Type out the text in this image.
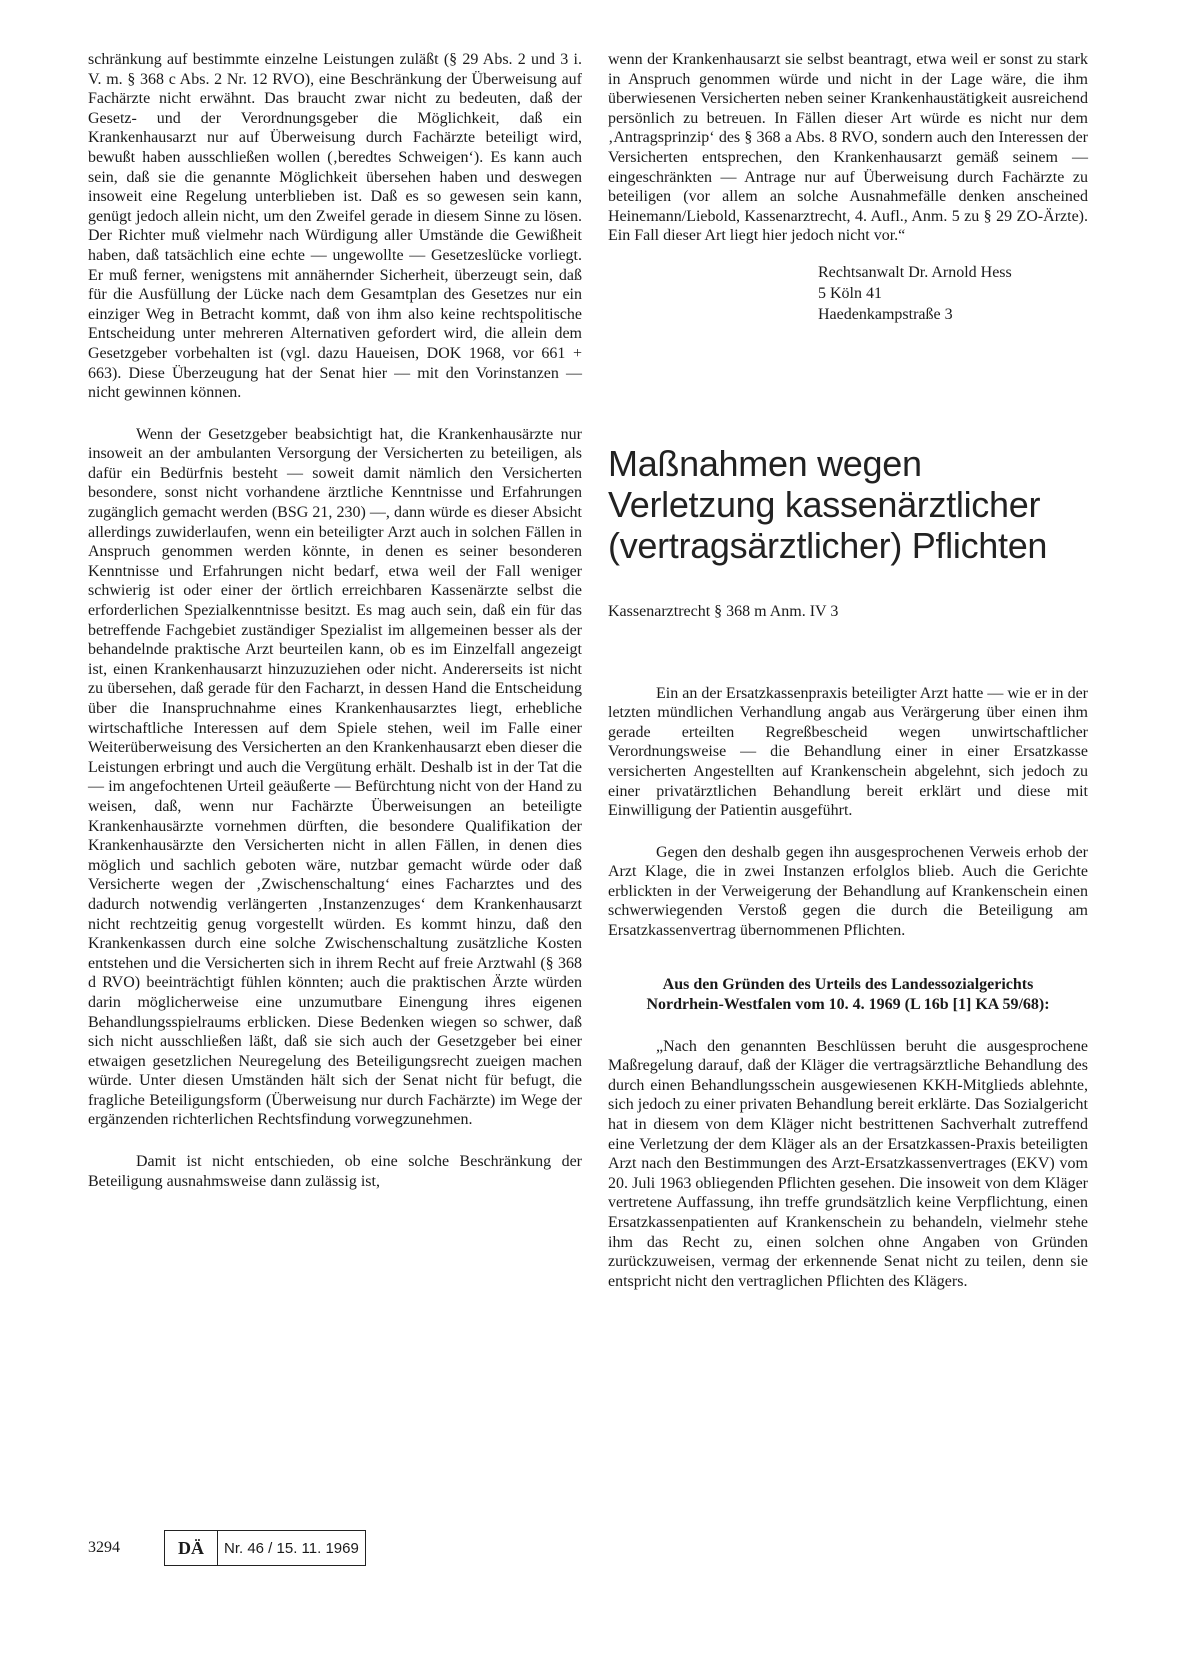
schränkung auf bestimmte einzelne Leistungen zuläßt (§ 29 Abs. 2 und 3 i. V. m. § 368 c Abs. 2 Nr. 12 RVO), eine Beschränkung der Überweisung auf Fachärzte nicht erwähnt. Das braucht zwar nicht zu bedeuten, daß der Gesetz- und der Verordnungsgeber die Möglichkeit, daß ein Krankenhausarzt nur auf Überweisung durch Fachärzte beteiligt wird, bewußt haben ausschließen wollen (‚beredtes Schweigen‘). Es kann auch sein, daß sie die genannte Möglichkeit übersehen haben und deswegen insoweit eine Regelung unterblieben ist. Daß es so gewesen sein kann, genügt jedoch allein nicht, um den Zweifel gerade in diesem Sinne zu lösen. Der Richter muß vielmehr nach Würdigung aller Umstände die Gewißheit haben, daß tatsächlich eine echte — ungewollte — Gesetzeslücke vorliegt. Er muß ferner, wenigstens mit annähernder Sicherheit, überzeugt sein, daß für die Ausfüllung der Lücke nach dem Gesamtplan des Gesetzes nur ein einziger Weg in Betracht kommt, daß von ihm also keine rechtspolitische Entscheidung unter mehreren Alternativen gefordert wird, die allein dem Gesetzgeber vorbehalten ist (vgl. dazu Haueisen, DOK 1968, vor 661 + 663). Diese Überzeugung hat der Senat hier — mit den Vorinstanzen — nicht gewinnen können.

Wenn der Gesetzgeber beabsichtigt hat, die Krankenhausärzte nur insoweit an der ambulanten Versorgung der Versicherten zu beteiligen, als dafür ein Bedürfnis besteht — soweit damit nämlich den Versicherten besondere, sonst nicht vorhandene ärztliche Kenntnisse und Erfahrungen zugänglich gemacht werden (BSG 21, 230) —, dann würde es dieser Absicht allerdings zuwiderlaufen, wenn ein beteiligter Arzt auch in solchen Fällen in Anspruch genommen werden könnte, in denen es seiner besonderen Kenntnisse und Erfahrungen nicht bedarf, etwa weil der Fall weniger schwierig ist oder einer der örtlich erreichbaren Kassenärzte selbst die erforderlichen Spezialkenntnisse besitzt. Es mag auch sein, daß ein für das betreffende Fachgebiet zuständiger Spezialist im allgemeinen besser als der behandelnde praktische Arzt beurteilen kann, ob es im Einzelfall angezeigt ist, einen Krankenhausarzt hinzuzuziehen oder nicht. Andererseits ist nicht zu übersehen, daß gerade für den Facharzt, in dessen Hand die Entscheidung über die Inanspruchnahme eines Krankenhausarztes liegt, erhebliche wirtschaftliche Interessen auf dem Spiele stehen, weil im Falle einer Weiterüberweisung des Versicherten an den Krankenhausarzt eben dieser die Leistungen erbringt und auch die Vergütung erhält. Deshalb ist in der Tat die — im angefochtenen Urteil geäußerte — Befürchtung nicht von der Hand zu weisen, daß, wenn nur Fachärzte Überweisungen an beteiligte Krankenhausärzte vornehmen dürften, die besondere Qualifikation der Krankenhausärzte den Versicherten nicht in allen Fällen, in denen dies möglich und sachlich geboten wäre, nutzbar gemacht würde oder daß Versicherte wegen der ‚Zwischenschaltung‘ eines Facharztes und des dadurch notwendig verlängerten ‚Instanzenzuges‘ dem Krankenhausarzt nicht rechtzeitig genug vorgestellt würden. Es kommt hinzu, daß den Krankenkassen durch eine solche Zwischenschaltung zusätzliche Kosten entstehen und die Versicherten sich in ihrem Recht auf freie Arztwahl (§ 368 d RVO) beeinträchtigt fühlen könnten; auch die praktischen Ärzte würden darin möglicherweise eine unzumutbare Einengung ihres eigenen Behandlungsspielraums erblicken. Diese Bedenken wiegen so schwer, daß sich nicht ausschließen läßt, daß sie sich auch der Gesetzgeber bei einer etwaigen gesetzlichen Neuregelung des Beteiligungsrecht zueigen machen würde. Unter diesen Umständen hält sich der Senat nicht für befugt, die fragliche Beteiligungsform (Überweisung nur durch Fachärzte) im Wege der ergänzenden richterlichen Rechtsfindung vorwegzunehmen.

Damit ist nicht entschieden, ob eine solche Beschränkung der Beteiligung ausnahmsweise dann zulässig ist,

wenn der Krankenhausarzt sie selbst beantragt, etwa weil er sonst zu stark in Anspruch genommen würde und nicht in der Lage wäre, die ihm überwiesenen Versicherten neben seiner Krankenhaustätigkeit ausreichend persönlich zu betreuen. In Fällen dieser Art würde es nicht nur dem ‚Antragsprinzip‘ des § 368 a Abs. 8 RVO, sondern auch den Interessen der Versicherten entsprechen, den Krankenhausarzt gemäß seinem — eingeschränkten — Antrage nur auf Überweisung durch Fachärzte zu beteiligen (vor allem an solche Ausnahmefälle denken anscheined Heinemann/Liebold, Kassenarztrecht, 4. Aufl., Anm. 5 zu § 29 ZO-Ärzte). Ein Fall dieser Art liegt hier jedoch nicht vor.“

Rechtsanwalt Dr. Arnold Hess
5 Köln 41
Haedenkampstraße 3
Maßnahmen wegen
Verletzung kassenärztlicher
(vertragsärztlicher) Pflichten
Kassenarztrecht § 368 m Anm. IV 3

Ein an der Ersatzkassenpraxis beteiligter Arzt hatte — wie er in der letzten mündlichen Verhandlung angab aus Verärgerung über einen ihm gerade erteilten Regreßbescheid wegen unwirtschaftlicher Verordnungsweise — die Behandlung einer in einer Ersatzkasse versicherten Angestellten auf Krankenschein abgelehnt, sich jedoch zu einer privatärztlichen Behandlung bereit erklärt und diese mit Einwilligung der Patientin ausgeführt.

Gegen den deshalb gegen ihn ausgesprochenen Verweis erhob der Arzt Klage, die in zwei Instanzen erfolglos blieb. Auch die Gerichte erblickten in der Verweigerung der Behandlung auf Krankenschein einen schwerwiegenden Verstoß gegen die durch die Beteiligung am Ersatzkassenvertrag übernommenen Pflichten.

Aus den Gründen des Urteils des Landessozialgerichts
Nordrhein-Westfalen vom 10. 4. 1969 (L 16b [1] KA 59/68):

„Nach den genannten Beschlüssen beruht die ausgesprochene Maßregelung darauf, daß der Kläger die vertragsärztliche Behandlung des durch einen Behandlungsschein ausgewiesenen KKH-Mitglieds ablehnte, sich jedoch zu einer privaten Behandlung bereit erklärte. Das Sozialgericht hat in diesem von dem Kläger nicht bestrittenen Sachverhalt zutreffend eine Verletzung der dem Kläger als an der Ersatzkassen-Praxis beteiligten Arzt nach den Bestimmungen des Arzt-Ersatzkassenvertrages (EKV) vom 20. Juli 1963 obliegenden Pflichten gesehen. Die insoweit von dem Kläger vertretene Auffassung, ihn treffe grundsätzlich keine Verpflichtung, einen Ersatzkassenpatienten auf Krankenschein zu behandeln, vielmehr stehe ihm das Recht zu, einen solchen ohne Angaben von Gründen zurückzuweisen, vermag der erkennende Senat nicht zu teilen, denn sie entspricht nicht den vertraglichen Pflichten des Klägers.

3294	DÄ	Nr. 46 / 15. 11. 1969
